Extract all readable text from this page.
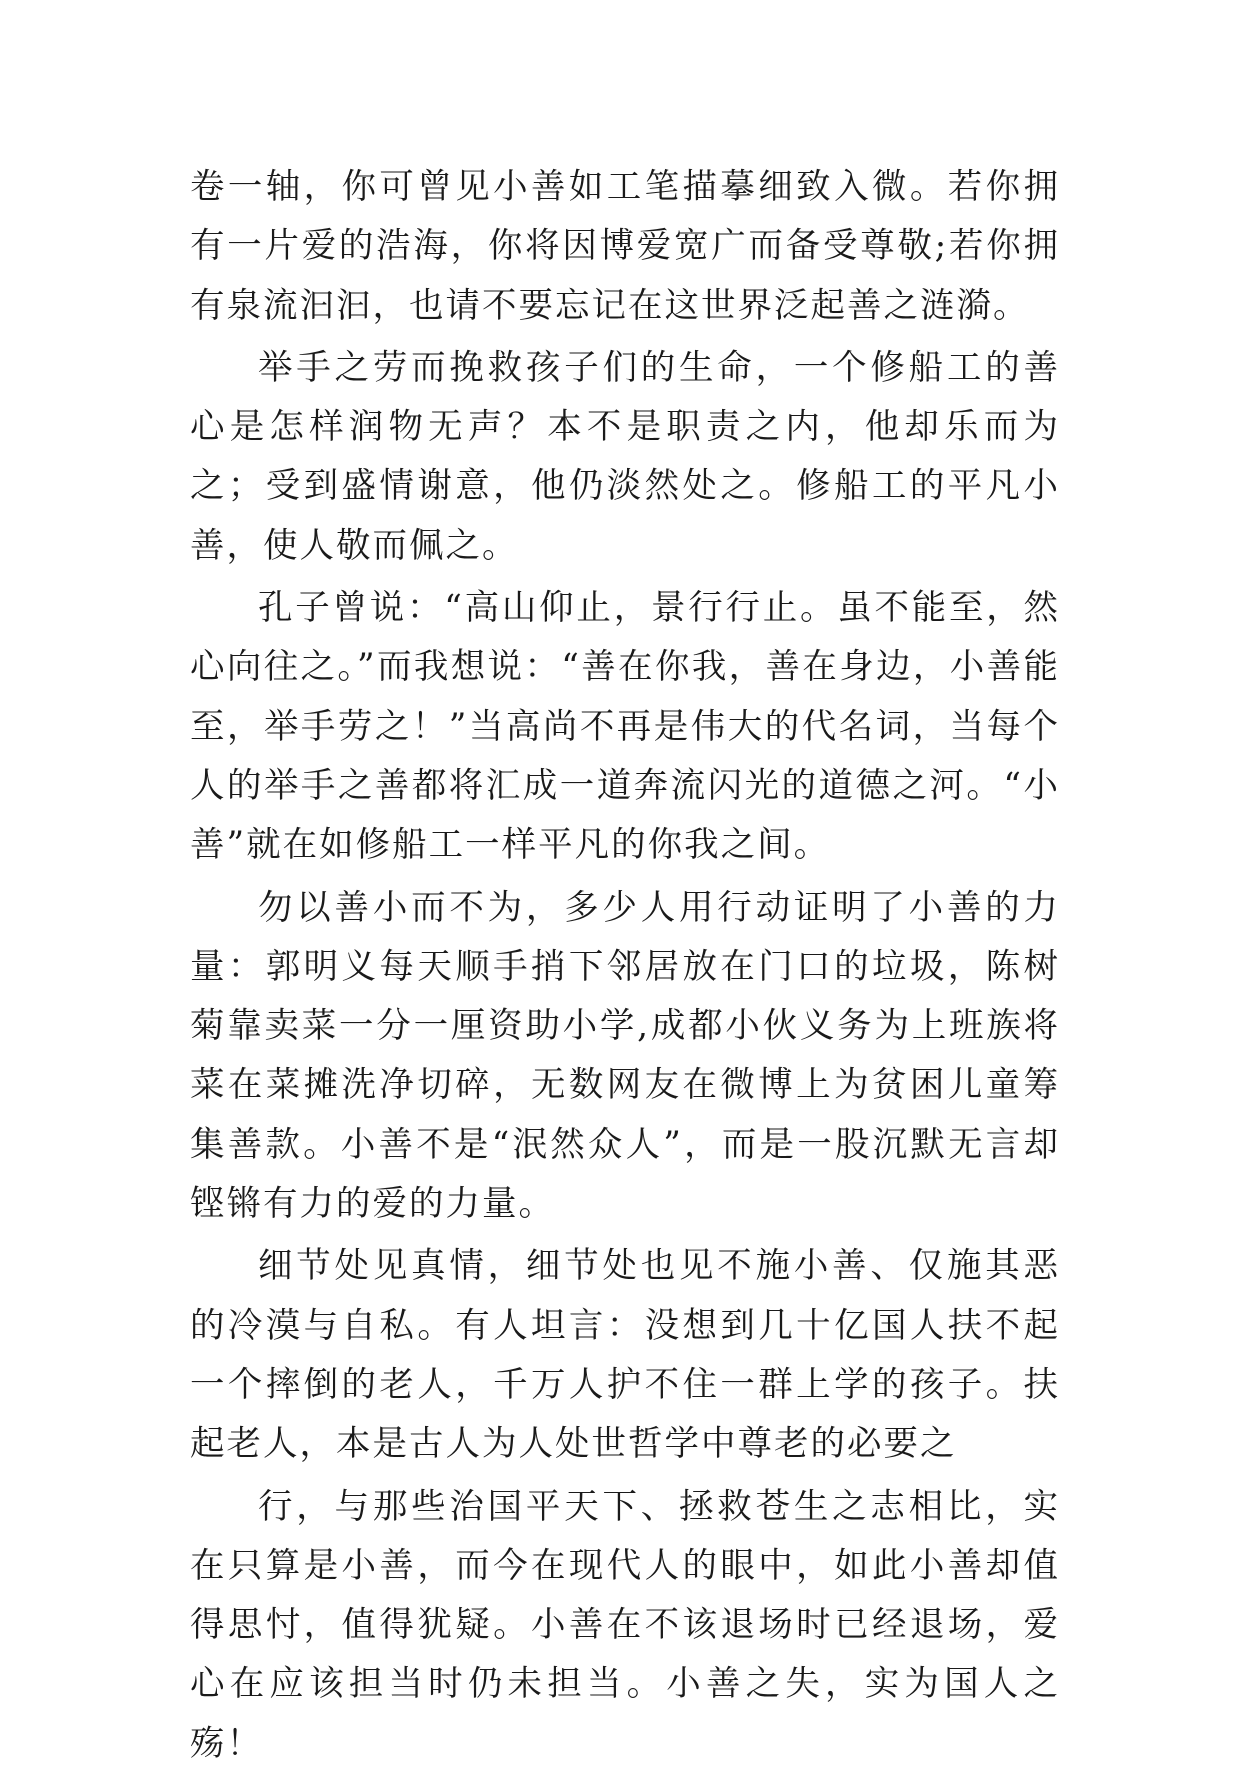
卷一轴，你可曾见小善如工笔描摹细致入微。若你拥有一片爱的浩海，你将因博爱宽广而备受尊敬;若你拥有泉流汩汩，也请不要忘记在这世界泛起善之涟漪。

举手之劳而挽救孩子们的生命，一个修船工的善心是怎样润物无声？本不是职责之内，他却乐而为之；受到盛情谢意，他仍淡然处之。修船工的平凡小善，使人敬而佩之。

孔子曾说：“高山仰止，景行行止。虽不能至，然心向往之。”而我想说：“善在你我，善在身边，小善能至，举手劳之！”当高尚不再是伟大的代名词，当每个人的举手之善都将汇成一道奔流闪光的道德之河。“小善”就在如修船工一样平凡的你我之间。

勿以善小而不为，多少人用行动证明了小善的力量：郭明义每天顺手捎下邻居放在门口的垃圾，陈树菊靠卖菜一分一厘资助小学,成都小伙义务为上班族将菜在菜摊洗净切碎，无数网友在微博上为贫困儿童筹集善款。小善不是“泯然众人”，而是一股沉默无言却铿锵有力的爱的力量。

细节处见真情，细节处也见不施小善、仅施其恶的冷漠与自私。有人坦言：没想到几十亿国人扶不起一个摔倒的老人，千万人护不住一群上学的孩子。扶起老人，本是古人为人处世哲学中尊老的必要之

行，与那些治国平天下、拯救苍生之志相比，实在只算是小善，而今在现代人的眼中，如此小善却值得思忖，值得犹疑。小善在不该退场时已经退场，爱心在应该担当时仍未担当。小善之失，实为国人之殇！
